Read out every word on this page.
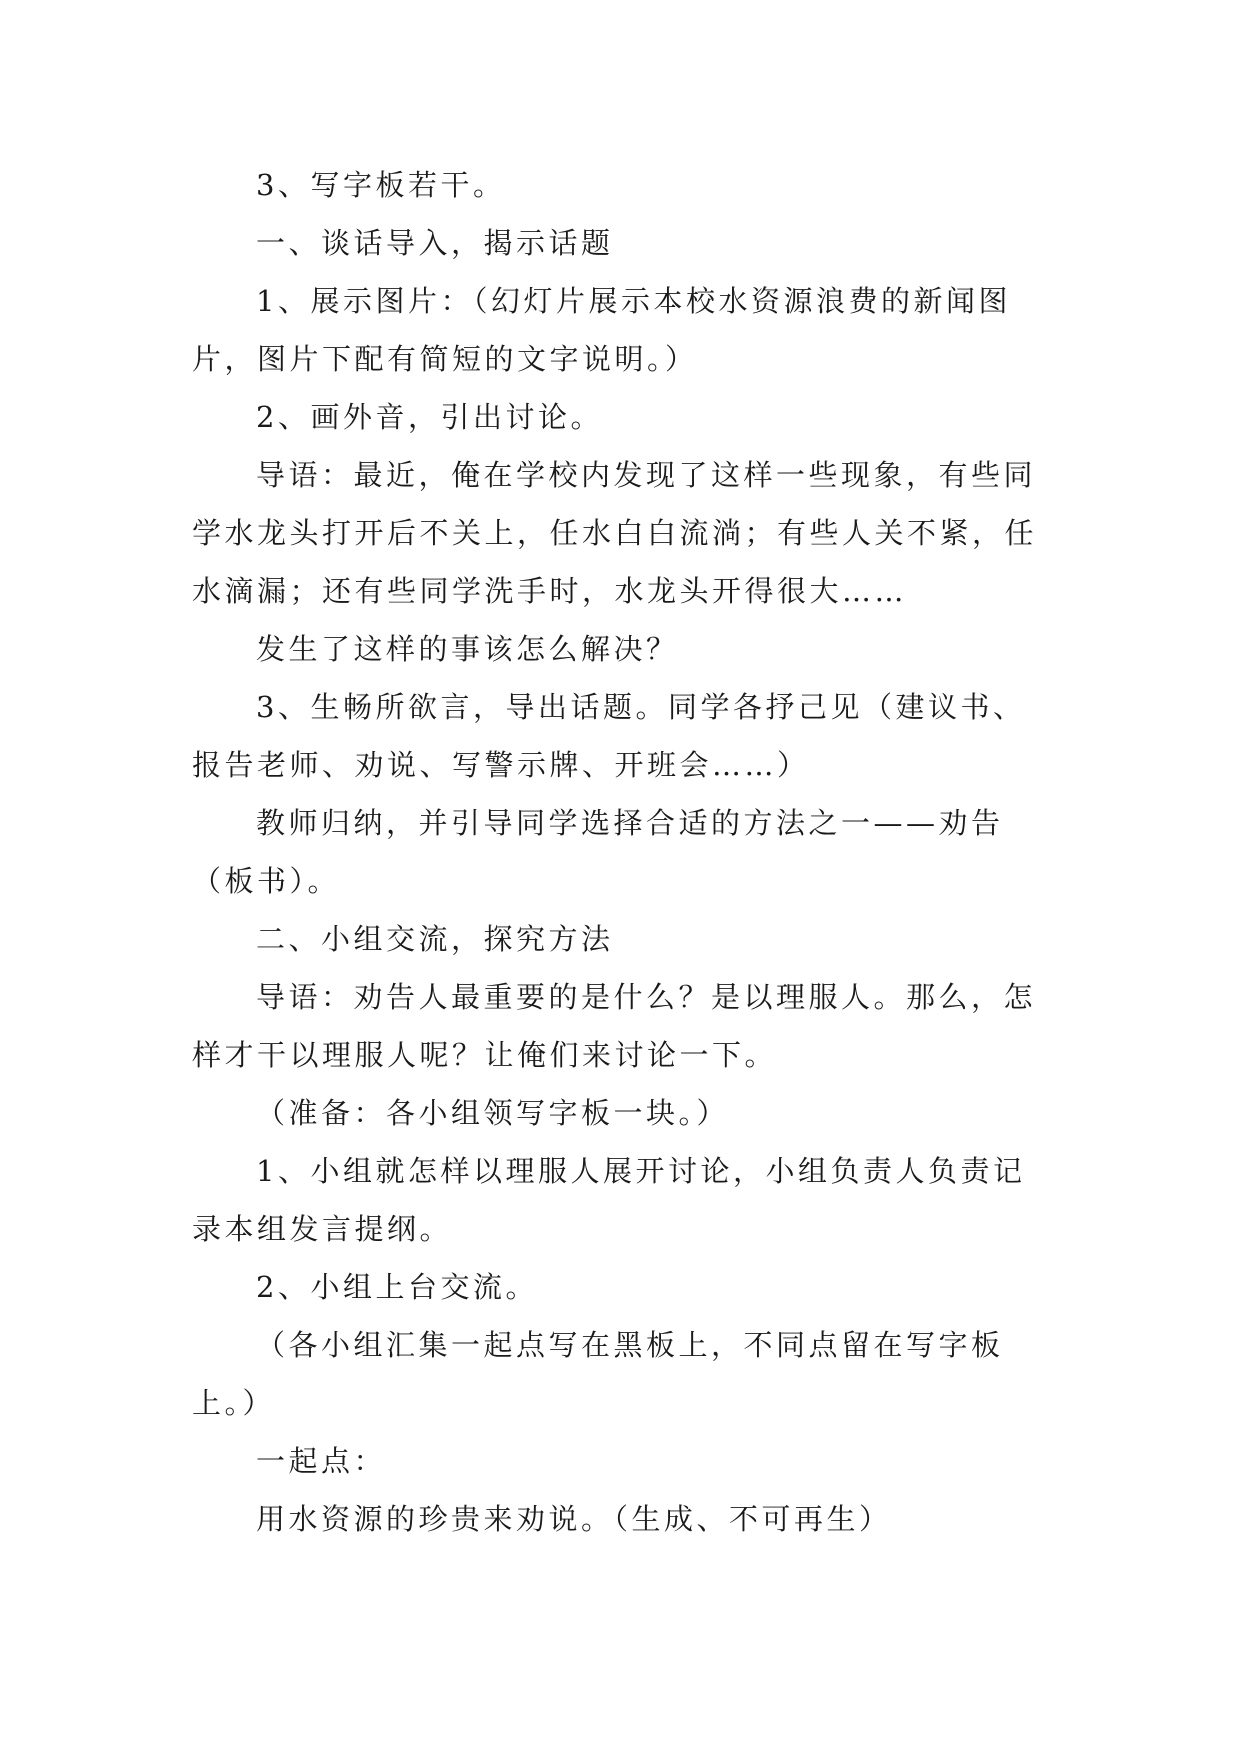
3、写字板若干。

一、谈话导入，揭示话题

1、展示图片：（幻灯片展示本校水资源浪费的新闻图片，图片下配有简短的文字说明。）

2、画外音，引出讨论。

导语：最近，俺在学校内发现了这样一些现象，有些同学水龙头打开后不关上，任水白白流淌；有些人关不紧，任水滴漏；还有些同学洗手时，水龙头开得很大……

发生了这样的事该怎么解决？

3、生畅所欲言，导出话题。同学各抒己见（建议书、报告老师、劝说、写警示牌、开班会……）

教师归纳，并引导同学选择合适的方法之一——劝告（板书）。

二、小组交流，探究方法

导语：劝告人最重要的是什么？是以理服人。那么，怎样才干以理服人呢？让俺们来讨论一下。

（准备：各小组领写字板一块。）

1、小组就怎样以理服人展开讨论，小组负责人负责记录本组发言提纲。

2、小组上台交流。

（各小组汇集一起点写在黑板上，不同点留在写字板上。）

一起点：

用水资源的珍贵来劝说。（生成、不可再生）
